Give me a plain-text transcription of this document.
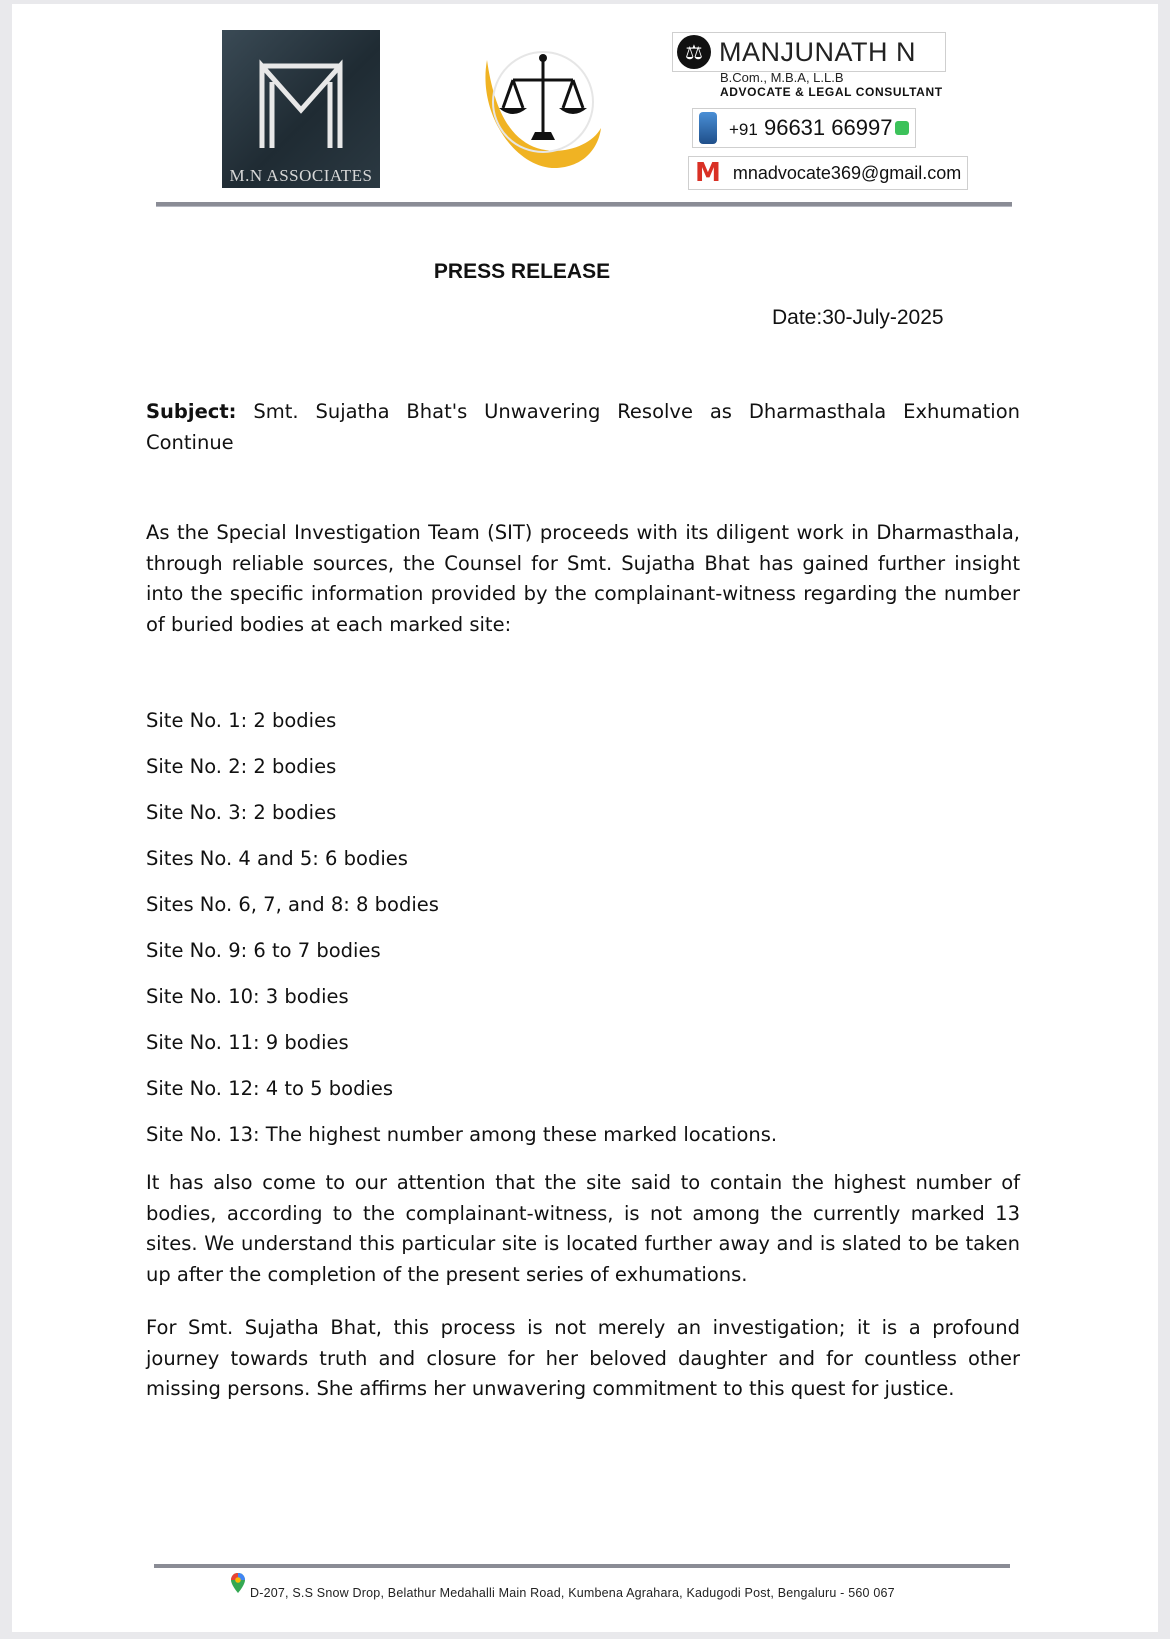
M.N ASSOCIATES
⚖ MANJUNATH N
B.Com., M.B.A, L.L.B
ADVOCATE & LEGAL CONSULTANT
+91 96631 66997
M mnadvocate369@gmail.com
PRESS RELEASE
Date:30-July-2025
Subject: Smt. Sujatha Bhat's Unwavering Resolve as Dharmasthala Exhumation Continue
As the Special Investigation Team (SIT) proceeds with its diligent work in Dharmasthala, through reliable sources, the Counsel for Smt. Sujatha Bhat has gained further insight into the specific information provided by the complainant-witness regarding the number of buried bodies at each marked site:
Site No. 1: 2 bodies
Site No. 2: 2 bodies
Site No. 3: 2 bodies
Sites No. 4 and 5: 6 bodies
Sites No. 6, 7, and 8: 8 bodies
Site No. 9: 6 to 7 bodies
Site No. 10: 3 bodies
Site No. 11: 9 bodies
Site No. 12: 4 to 5 bodies
Site No. 13: The highest number among these marked locations.
It has also come to our attention that the site said to contain the highest number of bodies, according to the complainant-witness, is not among the currently marked 13 sites. We understand this particular site is located further away and is slated to be taken up after the completion of the present series of exhumations.
For Smt. Sujatha Bhat, this process is not merely an investigation; it is a profound journey towards truth and closure for her beloved daughter and for countless other missing persons. She affirms her unwavering commitment to this quest for justice.
D-207, S.S Snow Drop, Belathur Medahalli Main Road, Kumbena Agrahara, Kadugodi Post, Bengaluru - 560 067
